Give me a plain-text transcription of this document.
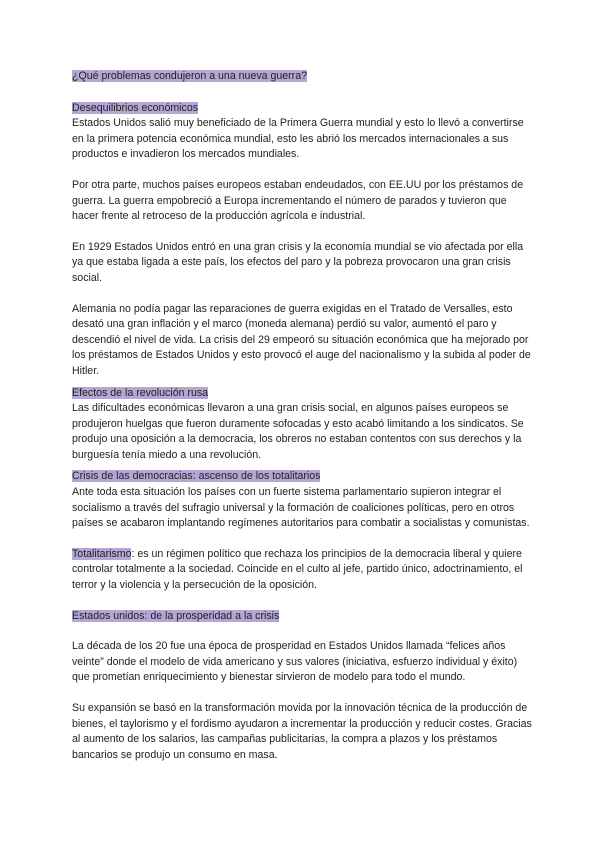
¿Qué problemas condujeron a una nueva guerra?

Desequilibrios económicos

Estados Unidos salió muy beneficiado de la Primera Guerra mundial y esto lo llevó a convertirse en la primera potencia económica mundial, esto les abrió los mercados internacionales a sus productos e invadieron los mercados mundiales.

Por otra parte, muchos países europeos estaban endeudados, con EE.UU por los préstamos de guerra. La guerra empobreció a Europa incrementando el número de parados y tuvieron que hacer frente al retroceso de la producción agrícola e industrial.

En 1929 Estados Unidos entró en una gran crisis y la economía mundial se vio afectada por ella ya que estaba ligada a este país, los efectos del paro y la pobreza provocaron una gran crisis social.

Alemania no podía pagar las reparaciones de guerra exigidas en el Tratado de Versalles, esto desató una gran inflación y el marco (moneda alemana) perdió su valor, aumentó el paro y descendió el nivel de vida. La crisis del 29 empeoró su situación económica que ha mejorado por los préstamos de Estados Unidos y esto provocó el auge del nacionalismo y la subida al poder de Hitler.

Efectos de la revolución rusa

Las dificultades económicas llevaron a una gran crisis social, en algunos países europeos se produjeron huelgas que fueron duramente sofocadas y esto acabó limitando a los sindicatos. Se produjo una oposición a la democracia, los obreros no estaban contentos con sus derechos y la burguesía tenía miedo a una revolución.

Crisis de las democracias: ascenso de los totalitarios

Ante toda esta situación los países con un fuerte sistema parlamentario supieron integrar el socialismo a través del sufragio universal y la formación de coaliciones políticas, pero en otros países se acabaron implantando regímenes autoritarios para combatir a socialistas y comunistas.

Totalitarismo: es un régimen político que rechaza los principios de la democracia liberal y quiere controlar totalmente a la sociedad. Coincide en el culto al jefe, partido único, adoctrinamiento, el terror y la violencia y la persecución de la oposición.

Estados unidos: de la prosperidad a la crisis

La década de los 20 fue una época de prosperidad en Estados Unidos llamada “felices años veinte” donde el modelo de vida americano y sus valores (iniciativa, esfuerzo individual y éxito) que prometían enriquecimiento y bienestar sirvieron de modelo para todo el mundo.

Su expansión se basó en la transformación movida por la innovación técnica de la producción de bienes, el taylorismo y el fordismo ayudaron a incrementar la producción y reducir costes. Gracias al aumento de los salarios, las campañas publicitarias, la compra a plazos y los préstamos bancarios se produjo un consumo en masa.
